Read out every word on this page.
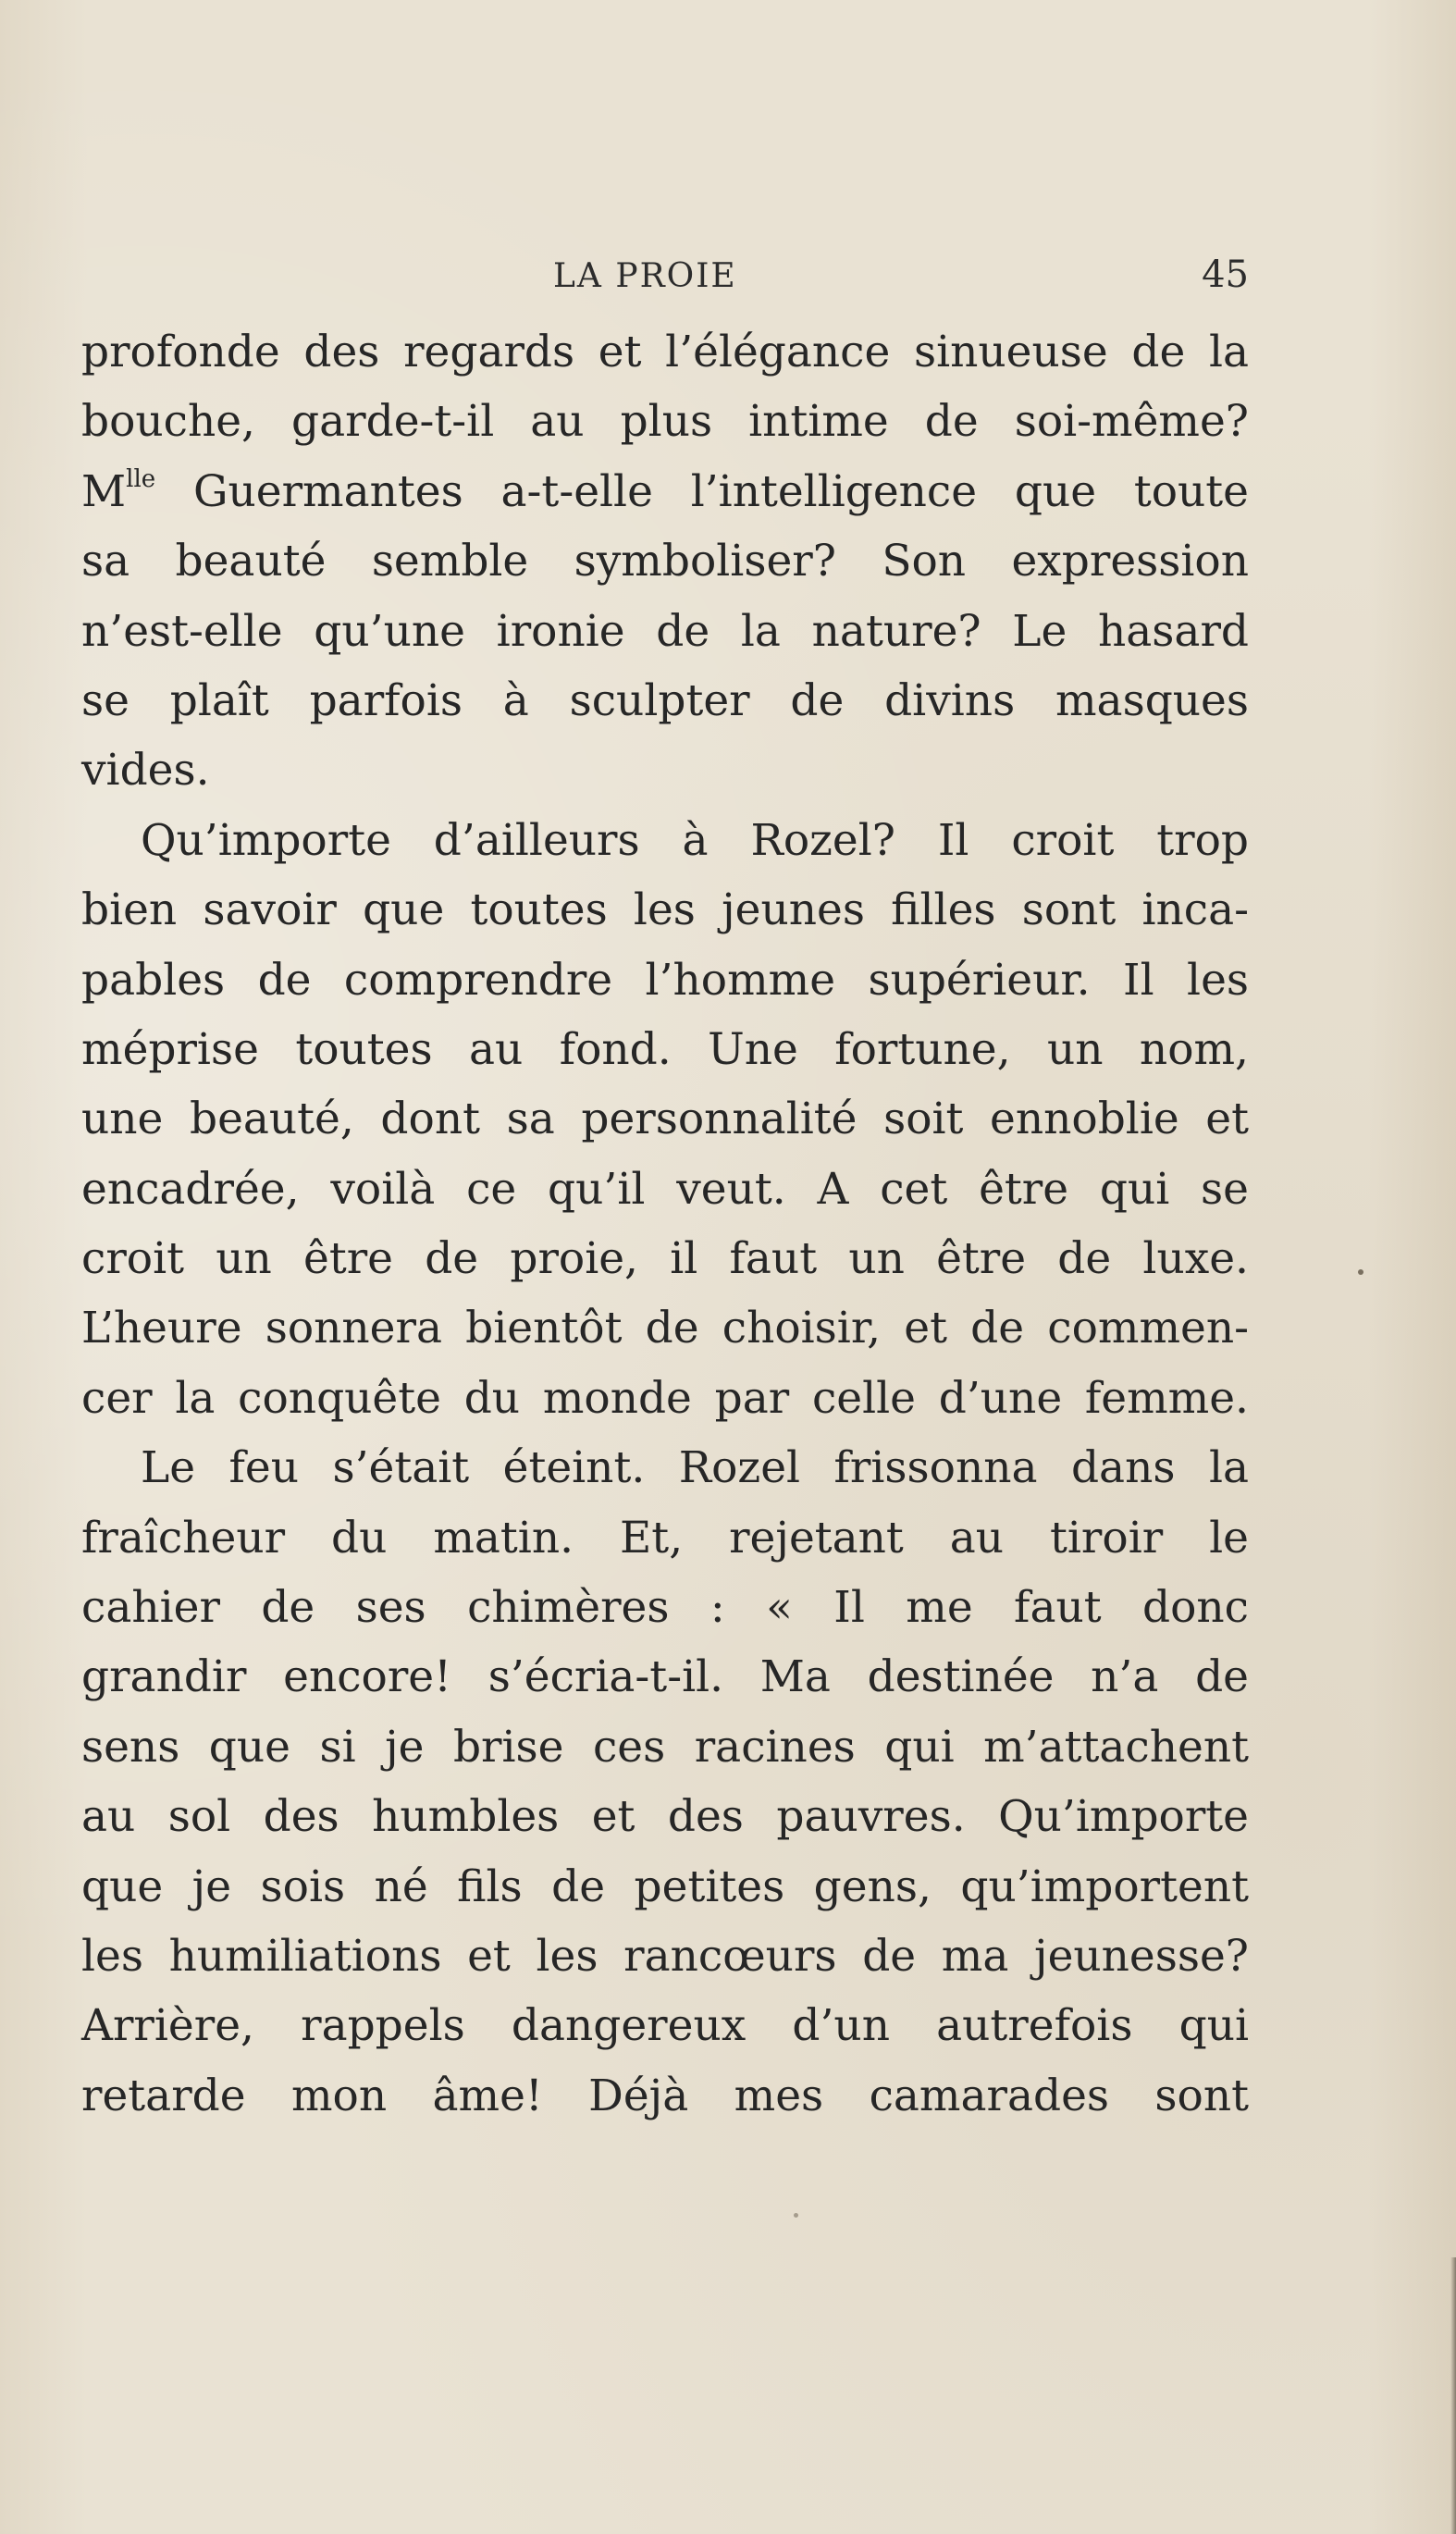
LA PROIE	45
profonde des regards et l’élégance sinueuse de la
bouche, garde-t-il au plus intime de soi-même?
$M^{lle}$ Guermantes a-t-elle l’intelligence que toute
sa beauté semble symboliser? Son expression
n’est-elle qu’une ironie de la nature? Le hasard
se plaît parfois à sculpter de divins masques
vides.
Qu’importe d’ailleurs à Rozel? Il croit trop
bien savoir que toutes les jeunes filles sont inca-
pables de comprendre l’homme supérieur. Il les
méprise toutes au fond. Une fortune, un nom,
une beauté, dont sa personnalité soit ennoblie et
encadrée, voilà ce qu’il veut. A cet être qui se
croit un être de proie, il faut un être de luxe.
L’heure sonnera bientôt de choisir, et de commen-
cer la conquête du monde par celle d’une femme.
Le feu s’était éteint. Rozel frissonna dans la
fraîcheur du matin. Et, rejetant au tiroir le
cahier de ses chimères : « Il me faut donc
grandir encore! s’écria-t-il. Ma destinée n’a de
sens que si je brise ces racines qui m’attachent
au sol des humbles et des pauvres. Qu’importe
que je sois né fils de petites gens, qu’importent
les humiliations et les rancœurs de ma jeunesse?
Arrière, rappels dangereux d’un autrefois qui
retarde mon âme! Déjà mes camarades sont
